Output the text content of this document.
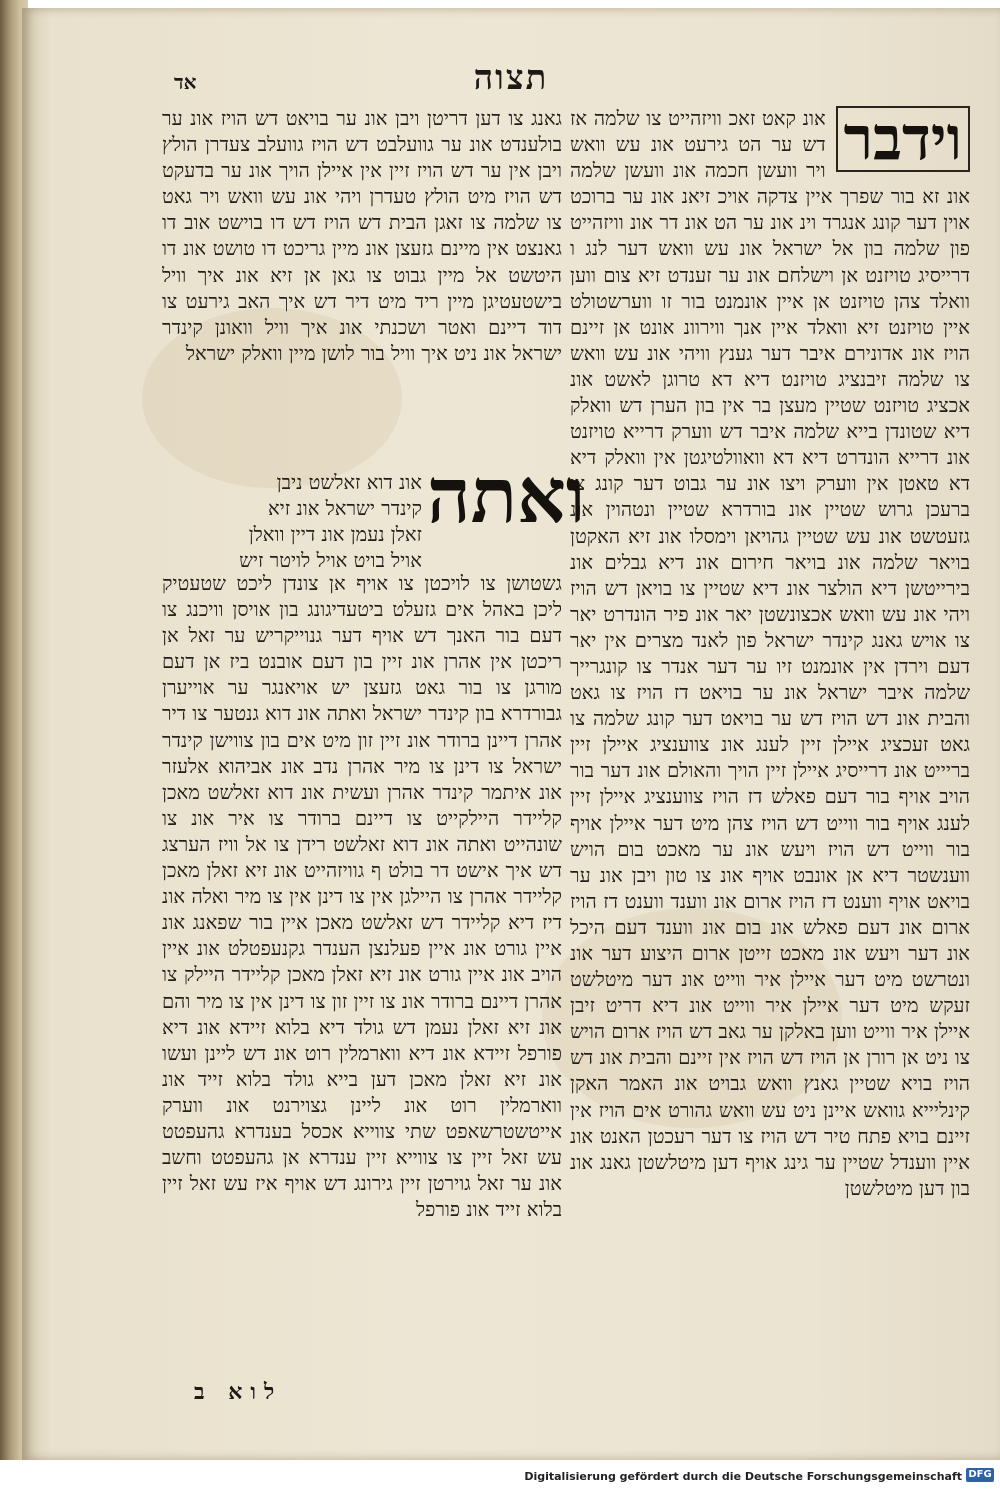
אד	תצוה
וידבר

אונ קאט זאכ וויזהייט צו שלמה אז דש ער הט גירעט אונ עש וואש ויר וועשן חכמה אונ וועשן שלמה אונ זא בור שפרך איין צדקה אויכ זיאנ אונ ער ברוכט אוין דער קונג אנגרד וינ אונ ער הט אונ דר אונ וויזהייט פון שלמה בון אל ישראל אונ עש וואש דער לנג ו דרייסיג טויזנט אן וישלחם אונ ער זענדט זיא צום ווען וואלד צהן טויזנט אן איין אונמנט בור זו ווערשטולט איין טויזנט זיא וואלד איין אנך ווירוונ אונט אן זיינם הויז אונ אדונירם איבר דער גענץ וויהי אונ עש וואש צו שלמה זיבנציג טויזנט דיא דא טרוגן לאשט אונ אכציג טויזנט שטיין מעצן בר אין בון הערן דש וואלק דיא שטונדן בייא שלמה איבר דש ווערק דרייא טויזנט אונ דרייא הונדרט דיא דא וואוולטיגטן אין וואלק דיא דא טאטן אין ווערק ויצו אונ ער גבוט דער קונג צו ברעכן גרוש שטיין אונ בורדרא שטיין ונטהוין אונ גזעטשט אונ עש שטיין גהויאן וימסלו אונ זיא האקטן בויאר שלמה אונ בויאר חירום אונ דיא גבלים אונ בירייטשן דיא הולצר אונ דיא שטיין צו בויאן דש הויז ויהי אונ עש וואש אכצונשטן יאר אונ פיר הונדרט יאר צו אויש גאנג קינדר ישראל פון לאנד מצרים אין יאר דעם וירדן אין אונמנט זיו ער דער אנדר צו קונגרייך שלמה איבר ישראל אונ ער בויאט דז הויז צו גאט והבית אונ דש הויז דש ער בויאט דער קונג שלמה צו גאט זעכציג איילן זיין לענג אונ צווענציג איילן זיין בריייט אונ דרייסיג איילן זיין הויך והאולם אונ דער בור הויב אויף בור דעם פאלש דז הויז צווענציג איילן זיין לענג אויף בור ווייט דש הויז צהן מיט דער איילן אויף בור ווייט דש הויז ויעש אונ ער מאכט בום הויש ווענשטר דיא אן אונבט אויף אונ צו טון ויבן אונ ער בויאט אויף ווענט דז הויז ארום אונ ווענד ווענט דז הויז ארום אונ דעם פאלש אונ בום אונ ווענד דעם היכל אונ דער ויעש אונ מאכט זייטן ארום היצוע דער אונ ונטרשט מיט דער איילן איר ווייט אונ דער מיטלשט זעקש מיט דער איילן איר ווייט אונ דיא דריט זיבן איילן איר ווייט ווען באלקן ער גאב דש הויז ארום הויש צו ניט אן רורן אן הויז דש הויז אין זיינם והבית אונ דש הויז בויא שטיין גאנץ וואש גבויט אונ האמר האקן קינליייא גוואש איינן ניט עש וואש גהורט אים הויז אין זיינם בויא פתח טיר דש הויז צו דער רעכטן האנט אונ איין ווענדל שטיין ער גינג אויף דען מיטלשטן גאנג אונ בון דען מיטלשטן

גאנג צו דען דריטן ויבן אונ ער בויאט דש הויז אונ ער בולענדט אונ ער גוועלבט דש הויז גוועלב צעדרן הולץ ויבן אין ער דש הויז זיין אין איילן הויך אונ ער בדעקט דש הויז מיט הולץ טעדרן ויהי אונ עש וואש ויר גאט צו שלמה צו זאגן הבית דש הויז דש דו בוישט אוב דו גאנצט אין מיינם גזעצן אונ מיין גריכט דו טושט אונ דו היטשט אל מיין גבוט צו גאן אן זיא אונ איך וויל בישטעטיגן מיין ריד מיט דיר דש איך האב גירעט צו דוד דיינם ואטר ושכנתי אונ איך וויל וואונן קינדר ישראל אונ ניט איך וויל בור לושן מיין וואלק ישראל

ואתה
אונ דוא זאלשט ניבן
קינדר ישראל אונ זיא
זאלן נעמן אונ דיין וואלן
אויל בויט אויל לויטר זיש

גשטושן צו לויכטן צו אויף אן צונדן ליכט שטעטיק ליכן באהל אים גזעלט ביטעדיגונג בון אויסן וויכנג צו דעם בור האנך דש אויף דער גנוייקריש ער זאל אן ריכטן אין אהרן אונ זיין בון דעם אובנט ביז אן דעם מורגן צו בור גאט גזעצן יש אויאנגר ער אוייערן גבורדרא בון קינדר ישראל ואתה אונ דוא גנטער צו דיר אהרן דיינן ברודר אונ זיין זון מיט אים בון צווישן קינדר ישראל צו דינן צו מיר אהרן נדב אונ אביהוא אלעזר אונ איתמר קינדר אהרן ועשית אונ דוא זאלשט מאכן קליידר היילקייט צו דיינם ברודר צו איר אונ צו שונהייט ואתה אונ דוא זאלשט רידן צו אל וויז הערצג דש איך אישט דר בולט ף גוויזהייט אונ זיא זאלן מאכן קליידר אהרן צו היילגן אין צו דינן אין צו מיר ואלה אונ דיז דיא קליידר דש זאלשט מאכן איין בור שפאנג אונ איין גורט אונ איין פעלנצן הענדר גקנעפטלט אונ איין הויב אונ איין גורט אונ זיא זאלן מאכן קליידר היילק צו אהרן דיינם ברודר אונ צו זיין זון צו דינן אין צו מיר והם אונ זיא זאלן נעמן דש גולד דיא בלוא זיידא אונ דיא פורפל זיידא אונ דיא ווארמלין רוט אונ דש ליינן ועשו אונ זיא זאלן מאכן דען בייא גולד בלוא זייד אונ ווארמלין רוט אונ ליינן גצוירנט אונ ווערק אייטשטרשאפט שתי צווייא אכסל בענדרא גהעפטט עש זאל זיין צו צווייא זיין ענדרא אן גהעפטט וחשב אונ ער זאל גוירטן זיין גירונג דש אויף איז עש זאל זיין בלוא זייד אונ פורפל

לוא ב
Digitalisierung gefördert durch die Deutsche Forschungsgemeinschaft DFG
